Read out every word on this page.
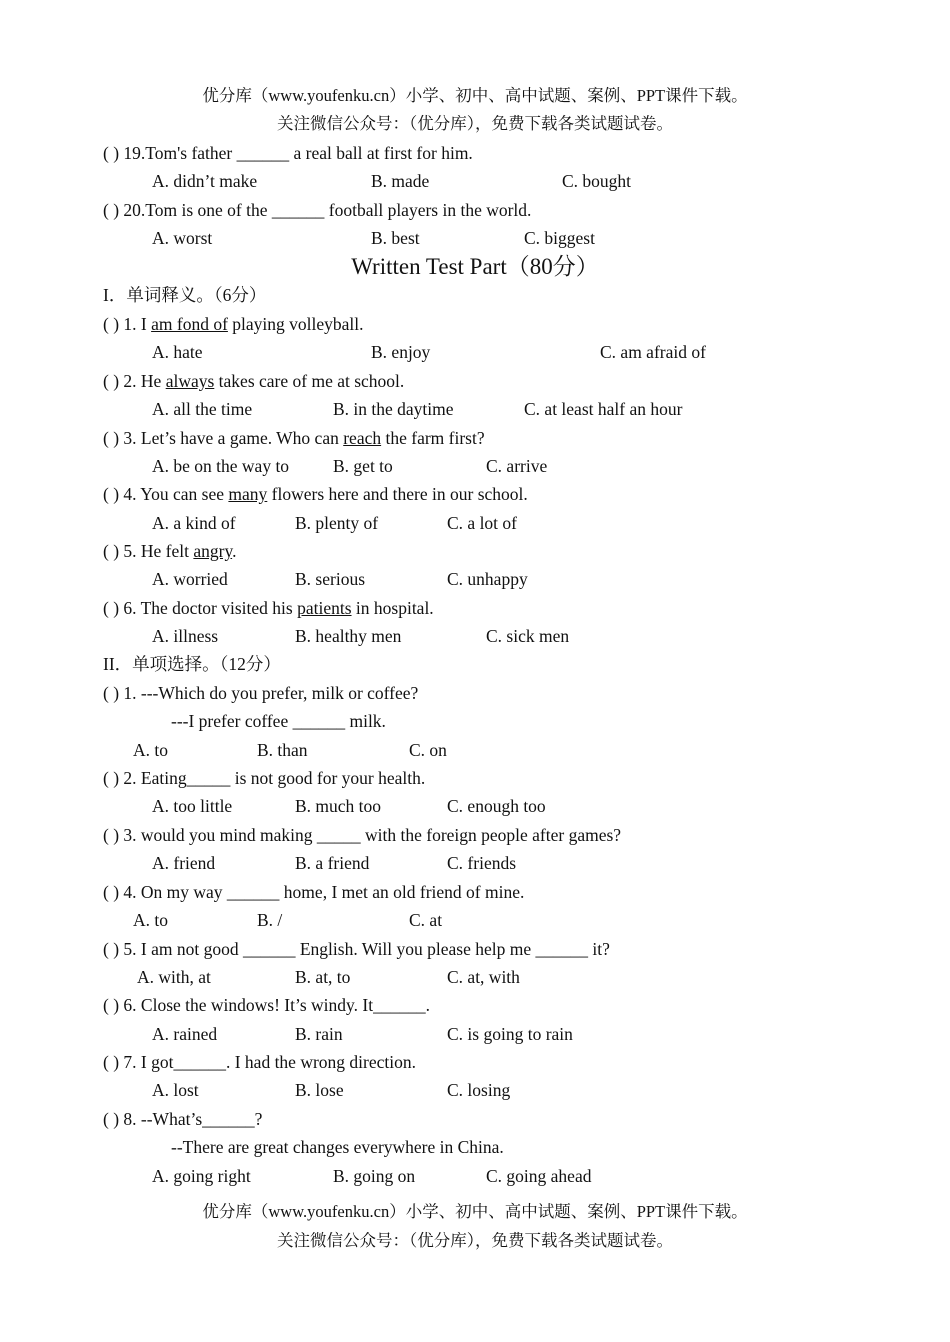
优分库（www.youfenku.cn）小学、初中、高中试题、案例、PPT课件下载。
关注微信公众号：（优分库），免费下载各类试题试卷。
( ) 19.Tom's father ______ a real ball at first for him.
A. didn’t make	B. made	C. bought
( ) 20.Tom is one of the ______ football players in the world.
A. worst	B. best	C. biggest
Written Test Part（80分）
I．单词释义。（6分）
( ) 1. I am fond of playing volleyball.
A. hate	B. enjoy	C. am afraid of
( ) 2. He always takes care of me at school.
A. all the time	B. in the daytime	C. at least half an hour
( ) 3. Let’s have a game. Who can reach the farm first?
A. be on the way to	B. get to	C. arrive
( ) 4. You can see many flowers here and there in our school.
A. a kind of	B. plenty of	C. a lot of
( ) 5. He felt angry.
A. worried	B. serious	C. unhappy
( ) 6. The doctor visited his patients in hospital.
A. illness	B. healthy men	C. sick men
II．单项选择。（12分）
( ) 1. ---Which do you prefer, milk or coffee?
---I prefer coffee ______ milk.
A. to	B. than	C. on
( ) 2. Eating_____ is not good for your health.
A. too little	B. much too	C. enough too
( ) 3. would you mind making _____ with the foreign people after games?
A. friend	B. a friend	C. friends
( ) 4. On my way ______ home, I met an old friend of mine.
A. to	B. /	C. at
( ) 5. I am not good ______ English. Will you please help me ______ it?
A. with, at	B. at, to	C. at, with
( ) 6. Close the windows! It’s windy. It______.
A. rained	B. rain	C. is going to rain
( ) 7. I got______. I had the wrong direction.
A. lost	B. lose	C. losing
( ) 8. --What’s______?
--There are great changes everywhere in China.
A. going right	B. going on	C. going ahead
优分库（www.youfenku.cn）小学、初中、高中试题、案例、PPT课件下载。
关注微信公众号：（优分库），免费下载各类试题试卷。
